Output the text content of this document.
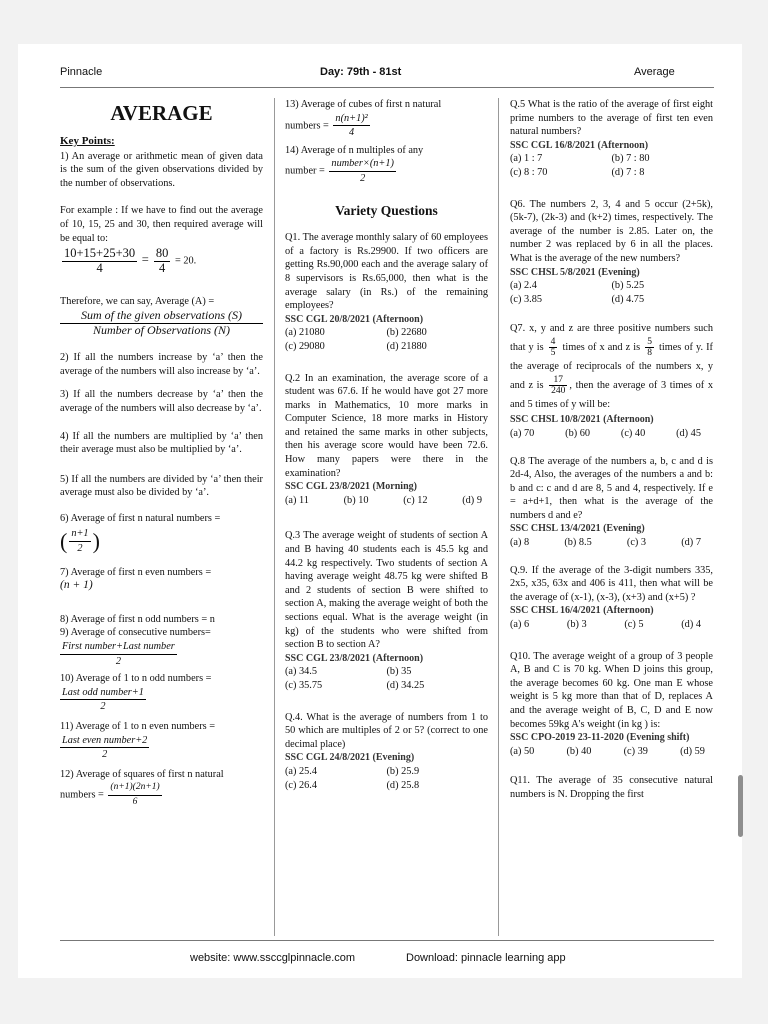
Pinnacle	Day: 79th - 81st	Average
AVERAGE
Key Points:

1) An average or arithmetic mean of given data is the sum of the given observations divided by the number of observations.

For example : If we have to find out the average of 10, 15, 25 and 30, then required average will be equal to:

$\frac{10+15+25+30}{4} = \frac{80}{4} = 20$.

Therefore, we can say, Average (A) =

$\frac{\text{Sum of the given observations (S)}}{\text{Number of Observations (N)}}$

2) If all the numbers increase by ‘a’ then the average of the numbers will also increase by ‘a’.

3) If all the numbers decrease by ‘a’ then the average of the numbers will also decrease by ‘a’.

4) If all the numbers are multiplied by ‘a’ then their average must also be multiplied by ‘a’.

5) If all the numbers are divided by ‘a’ then their average must also be divided by ‘a’.

6) Average of first n natural numbers =

( $\frac{n+1}{2}$ )

7) Average of first n even numbers =

(n + 1)

8) Average of first n odd numbers = n

9) Average of consecutive numbers=

$\frac{\text{First number+Last number}}{2}$

10) Average of 1 to n odd numbers =

$\frac{\text{Last odd number+1}}{2}$

11) Average of 1 to n even numbers =

$\frac{\text{Last even number+2}}{2}$

12) Average of squares of first n natural

numbers = $\frac{(n+1)(2n+1)}{6}$

13) Average of cubes of first n natural

numbers = $\frac{\text{n(n+1)²}}{4}$

14) Average of n multiples of any

number = $\frac{\text{number×(n+1)}}{2}$
Variety Questions

Q1. The average monthly salary of 60 employees of a factory is Rs.29900. If two officers are getting Rs.90,000 each and the average salary of 8 supervisors is Rs.65,000, then what is the average salary (in Rs.) of the remaining employees?

SSC CGL 20/8/2021 (Afternoon)
(a) 21080	(b) 22680
(c) 29080	(d) 21880

Q.2 In an examination, the average score of a student was 67.6. If he would have got 27 more marks in Mathematics, 10 more marks in Computer Science, 18 more marks in History and retained the same marks in other subjects, then his average score would have been 72.6. How many papers were there in the examination?

SSC CGL 23/8/2021 (Morning)
(a) 11	(b) 10	(c) 12	(d) 9

Q.3 The average weight of students of section A and B having 40 students each is 45.5 kg and 44.2 kg respectively. Two students of section A having average weight 48.75 kg were shifted B and 2 students of section B were shifted to section A, making the average weight of both the sections equal. What is the average weight (in kg) of the students who were shifted from section B to section A?

SSC CGL 23/8/2021 (Afternoon)
(a) 34.5	(b) 35
(c) 35.75	(d) 34.25

Q.4. What is the average of numbers from 1 to 50 which are multiples of 2 or 5? (correct to one decimal place)

SSC CGL 24/8/2021 (Evening)
(a) 25.4	(b) 25.9
(c) 26.4	(d) 25.8

Q.5 What is the ratio of the average of first eight prime numbers to the average of first ten even natural numbers?

SSC CGL 16/8/2021 (Afternoon)
(a) 1 : 7	(b) 7 : 80
(c) 8 : 70	(d) 7 : 8

Q6. The numbers 2, 3, 4 and 5 occur (2+5k), (5k-7), (2k-3) and (k+2) times, respectively. The average of the number is 2.85. Later on, the number 2 was replaced by 6 in all the places. What is the average of the new numbers?

SSC CHSL 5/8/2021 (Evening)
(a) 2.4	(b) 5.25
(c) 3.85	(d) 4.75

Q7. x, y and z are three positive numbers such that y is $\frac{4}{5}$ times of x and z is $\frac{5}{8}$ times of y. If the average of reciprocals of the numbers x, y and z is $\frac{17}{240}$ , then the average of 3 times of x and 5 times of y will be:

SSC CHSL 10/8/2021 (Afternoon)
(a) 70	(b) 60	(c) 40	(d) 45

Q.8 The average of the numbers a, b, c and d is 2d-4, Also, the averages of the numbers a and b: b and c: c and d are 8, 5 and 4, respectively. If e = a+d+1, then what is the average of the numbers d and e?

SSC CHSL 13/4/2021 (Evening)
(a) 8	(b) 8.5	(c) 3	(d) 7

Q.9. If the average of the 3-digit numbers 335, 2x5, x35, 63x and 406 is 411, then what will be the average of (x-1), (x-3), (x+3) and (x+5) ?

SSC CHSL 16/4/2021 (Afternoon)
(a) 6	(b) 3	(c) 5	(d) 4

Q10. The average weight of a group of 3 people A, B and C is 70 kg. When D joins this group, the average becomes 60 kg. One man E whose weight is 5 kg more than that of D, replaces A and the average weight of B, C, D and E now becomes 59kg A's weight (in kg ) is:

SSC CPO-2019 23-11-2020 (Evening shift)
(a) 50	(b) 40	(c) 39	(d) 59

Q11. The average of 35 consecutive natural numbers is N. Dropping the first

website: www.ssccglpinnacle.com	Download: pinnacle learning app
